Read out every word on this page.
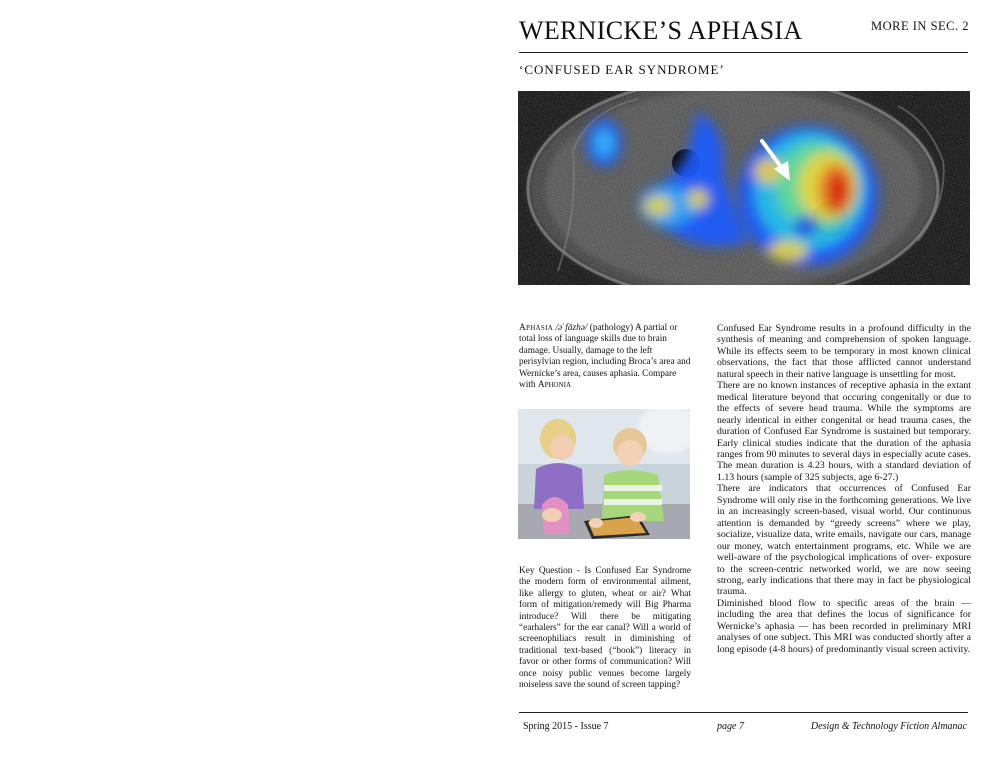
WERNICKE’S APHASIA	MORE IN SEC. 2
‘CONFUSED EAR SYNDROME’
Aphasia /əˈfāzhə/ (pathology) A partial or total loss of language skills due to brain damage. Usually, damage to the left perisylvian region, including Broca’s area and Wernicke’s area, causes aphasia. Compare with Aphonia
Key Question - Is Confused Ear Syndrome the modern form of environmental ailment, like allergy to gluten, wheat or air? What form of mitigation/remedy will Big Pharma introduce? Will there be mitigating “earhalers” for the ear canal? Will a world of screenophiliacs result in diminishing of traditional text-based (“book”) literacy in favor or other forms of communication? Will once noisy public venues become largely noiseless save the sound of screen tapping?

Confused Ear Syndrome results in a profound difficulty in the synthesis of meaning and comprehension of spoken language. While its effects seem to be temporary in most known clinical observations, the fact that those afflicted cannot understand natural speech in their native language is unsettling for most.

There are no known instances of receptive aphasia in the extant medical literature beyond that occuring congenitally or due to the effects of severe head trauma. While the symptoms are nearly identical in either congenital or head trauma cases, the duration of Confused Ear Syndrome is sustained but temporary. Early clinical studies indicate that the duration of the aphasia ranges from 90 minutes to several days in especially acute cases. The mean duration is 4.23 hours, with a standard deviation of 1.13 hours (sample of 325 subjects, age 6-27.)

There are indicators that occurrences of Confused Ear Syndrome will only rise in the forthcoming generations. We live in an increasingly screen-based, visual world. Our continuous attention is demanded by “greedy screens” where we play, socialize, visualize data, write emails, navigate our cars, manage our money, watch entertainment programs, etc. While we are well-aware of the psychological implications of over- exposure to the screen-centric networked world, we are now seeing strong, early indications that there may in fact be physiological trauma.

Diminished blood flow to specific areas of the brain — including the area that defines the locus of significance for Wernicke’s aphasia — has been recorded in preliminary MRI analyses of one subject. This MRI was conducted shortly after a long episode (4-8 hours) of predominantly visual screen activity.

Spring 2015 - Issue 7	page 7	Design & Technology Fiction Almanac
